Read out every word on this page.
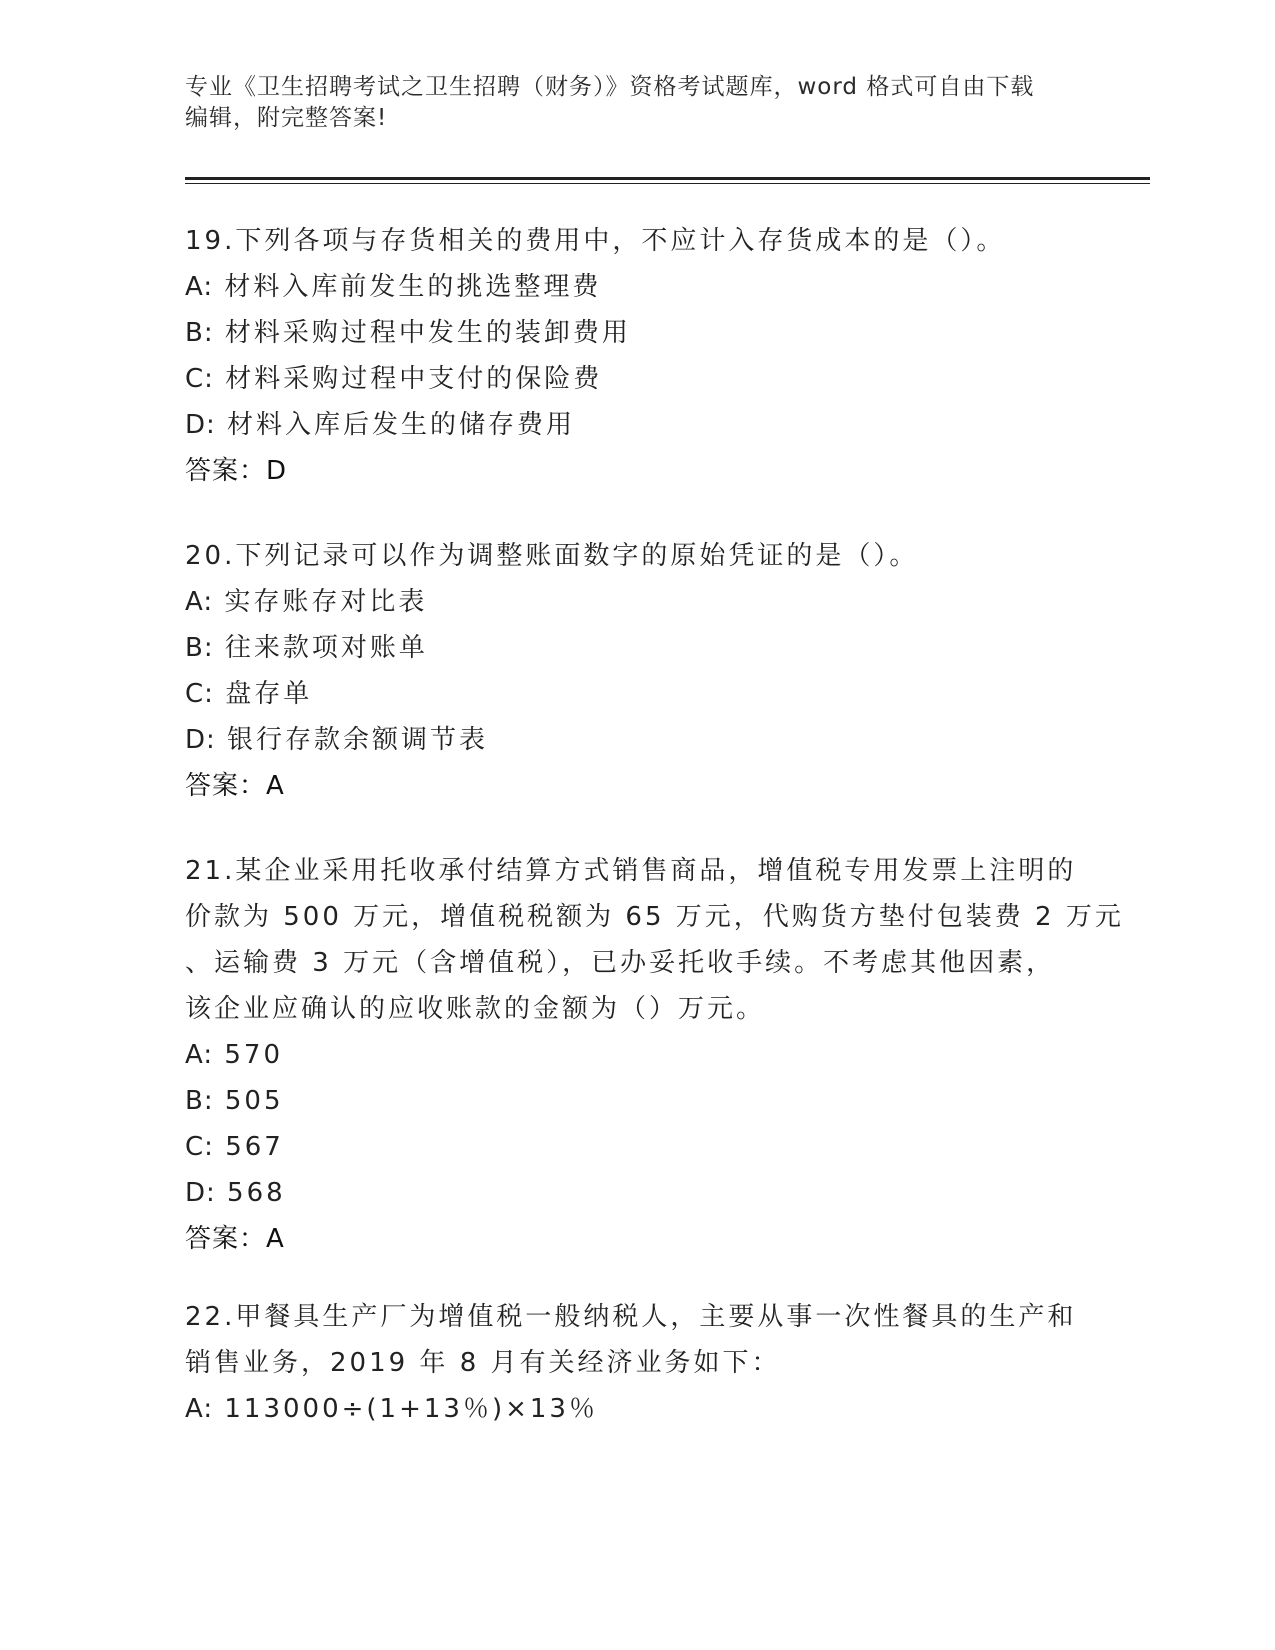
专业《卫生招聘考试之卫生招聘（财务）》资格考试题库，word 格式可自由下载
编辑，附完整答案!
19.下列各项与存货相关的费用中，不应计入存货成本的是（）。
A: 材料入库前发生的挑选整理费
B: 材料采购过程中发生的装卸费用
C: 材料采购过程中支付的保险费
D: 材料入库后发生的储存费用
答案：D
20.下列记录可以作为调整账面数字的原始凭证的是（）。
A: 实存账存对比表
B: 往来款项对账单
C: 盘存单
D: 银行存款余额调节表
答案：A
21.某企业采用托收承付结算方式销售商品，增值税专用发票上注明的
价款为 500 万元，增值税税额为 65 万元，代购货方垫付包装费 2 万元
、运输费 3 万元（含增值税），已办妥托收手续。不考虑其他因素，
该企业应确认的应收账款的金额为（）万元。
A: 570
B: 505
C: 567
D: 568
答案：A
22.甲餐具生产厂为增值税一般纳税人，主要从事一次性餐具的生产和
销售业务，2019 年 8 月有关经济业务如下：
A: 113000÷(1+13％)×13％
